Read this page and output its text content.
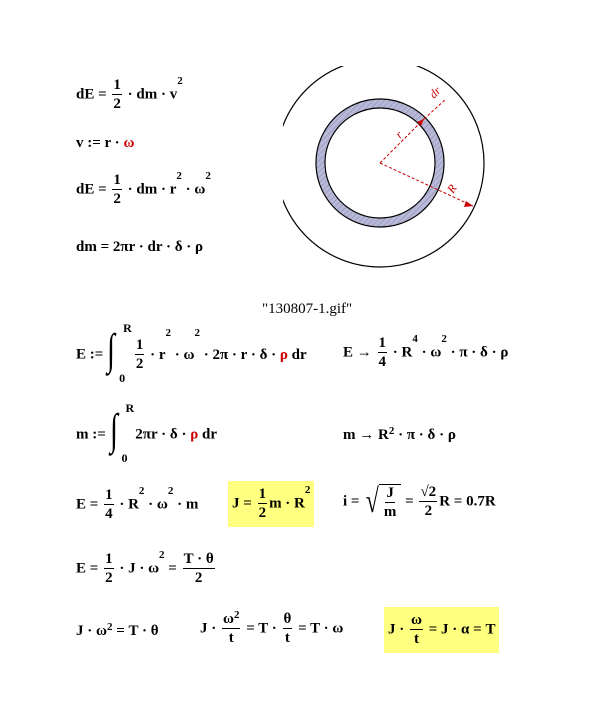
r
dr
R
dE = $\frac{1}{2}$ · dm · $v^2$
v := r · ω
dE = $\frac{1}{2}$ · dm · $r^2 \cdot \omega^2$
dm = 2πr · dr · δ · ρ
"130807-1.gif"
E := ∫ R
0

$\frac{1}{2} \cdot r^2 \cdot \omega^2 \cdot 2\pi \cdot r \cdot \delta \cdot \rho$ dr $E \to \frac{1}{4} \cdot R^4 \cdot \omega^2 \cdot \pi \cdot \delta \cdot \rho$
m := ∫ R
0
2πr · δ · ρ dr	$m \to R^2 \cdot \pi \cdot \delta \cdot \rho$
$E = \frac{1}{4} \cdot R^2 \cdot \omega^2 \cdot m$ $J = \frac{1}{2}$ $m \cdot R^2$
i = √ $\frac{J}{m} = \frac{√2}{2}$ R = 0.7R
$E = \frac{1}{2} \cdot J \cdot \omega^2 = \frac{T \cdot \theta}{2}$
$J \cdot \omega^2 = T \cdot \theta$	$J \cdot \frac{\omega^2}{t} = T \cdot \frac{\theta}{t} = T \cdot \omega$	$J \cdot \frac{\omega}{t} = J \cdot \alpha = T$
